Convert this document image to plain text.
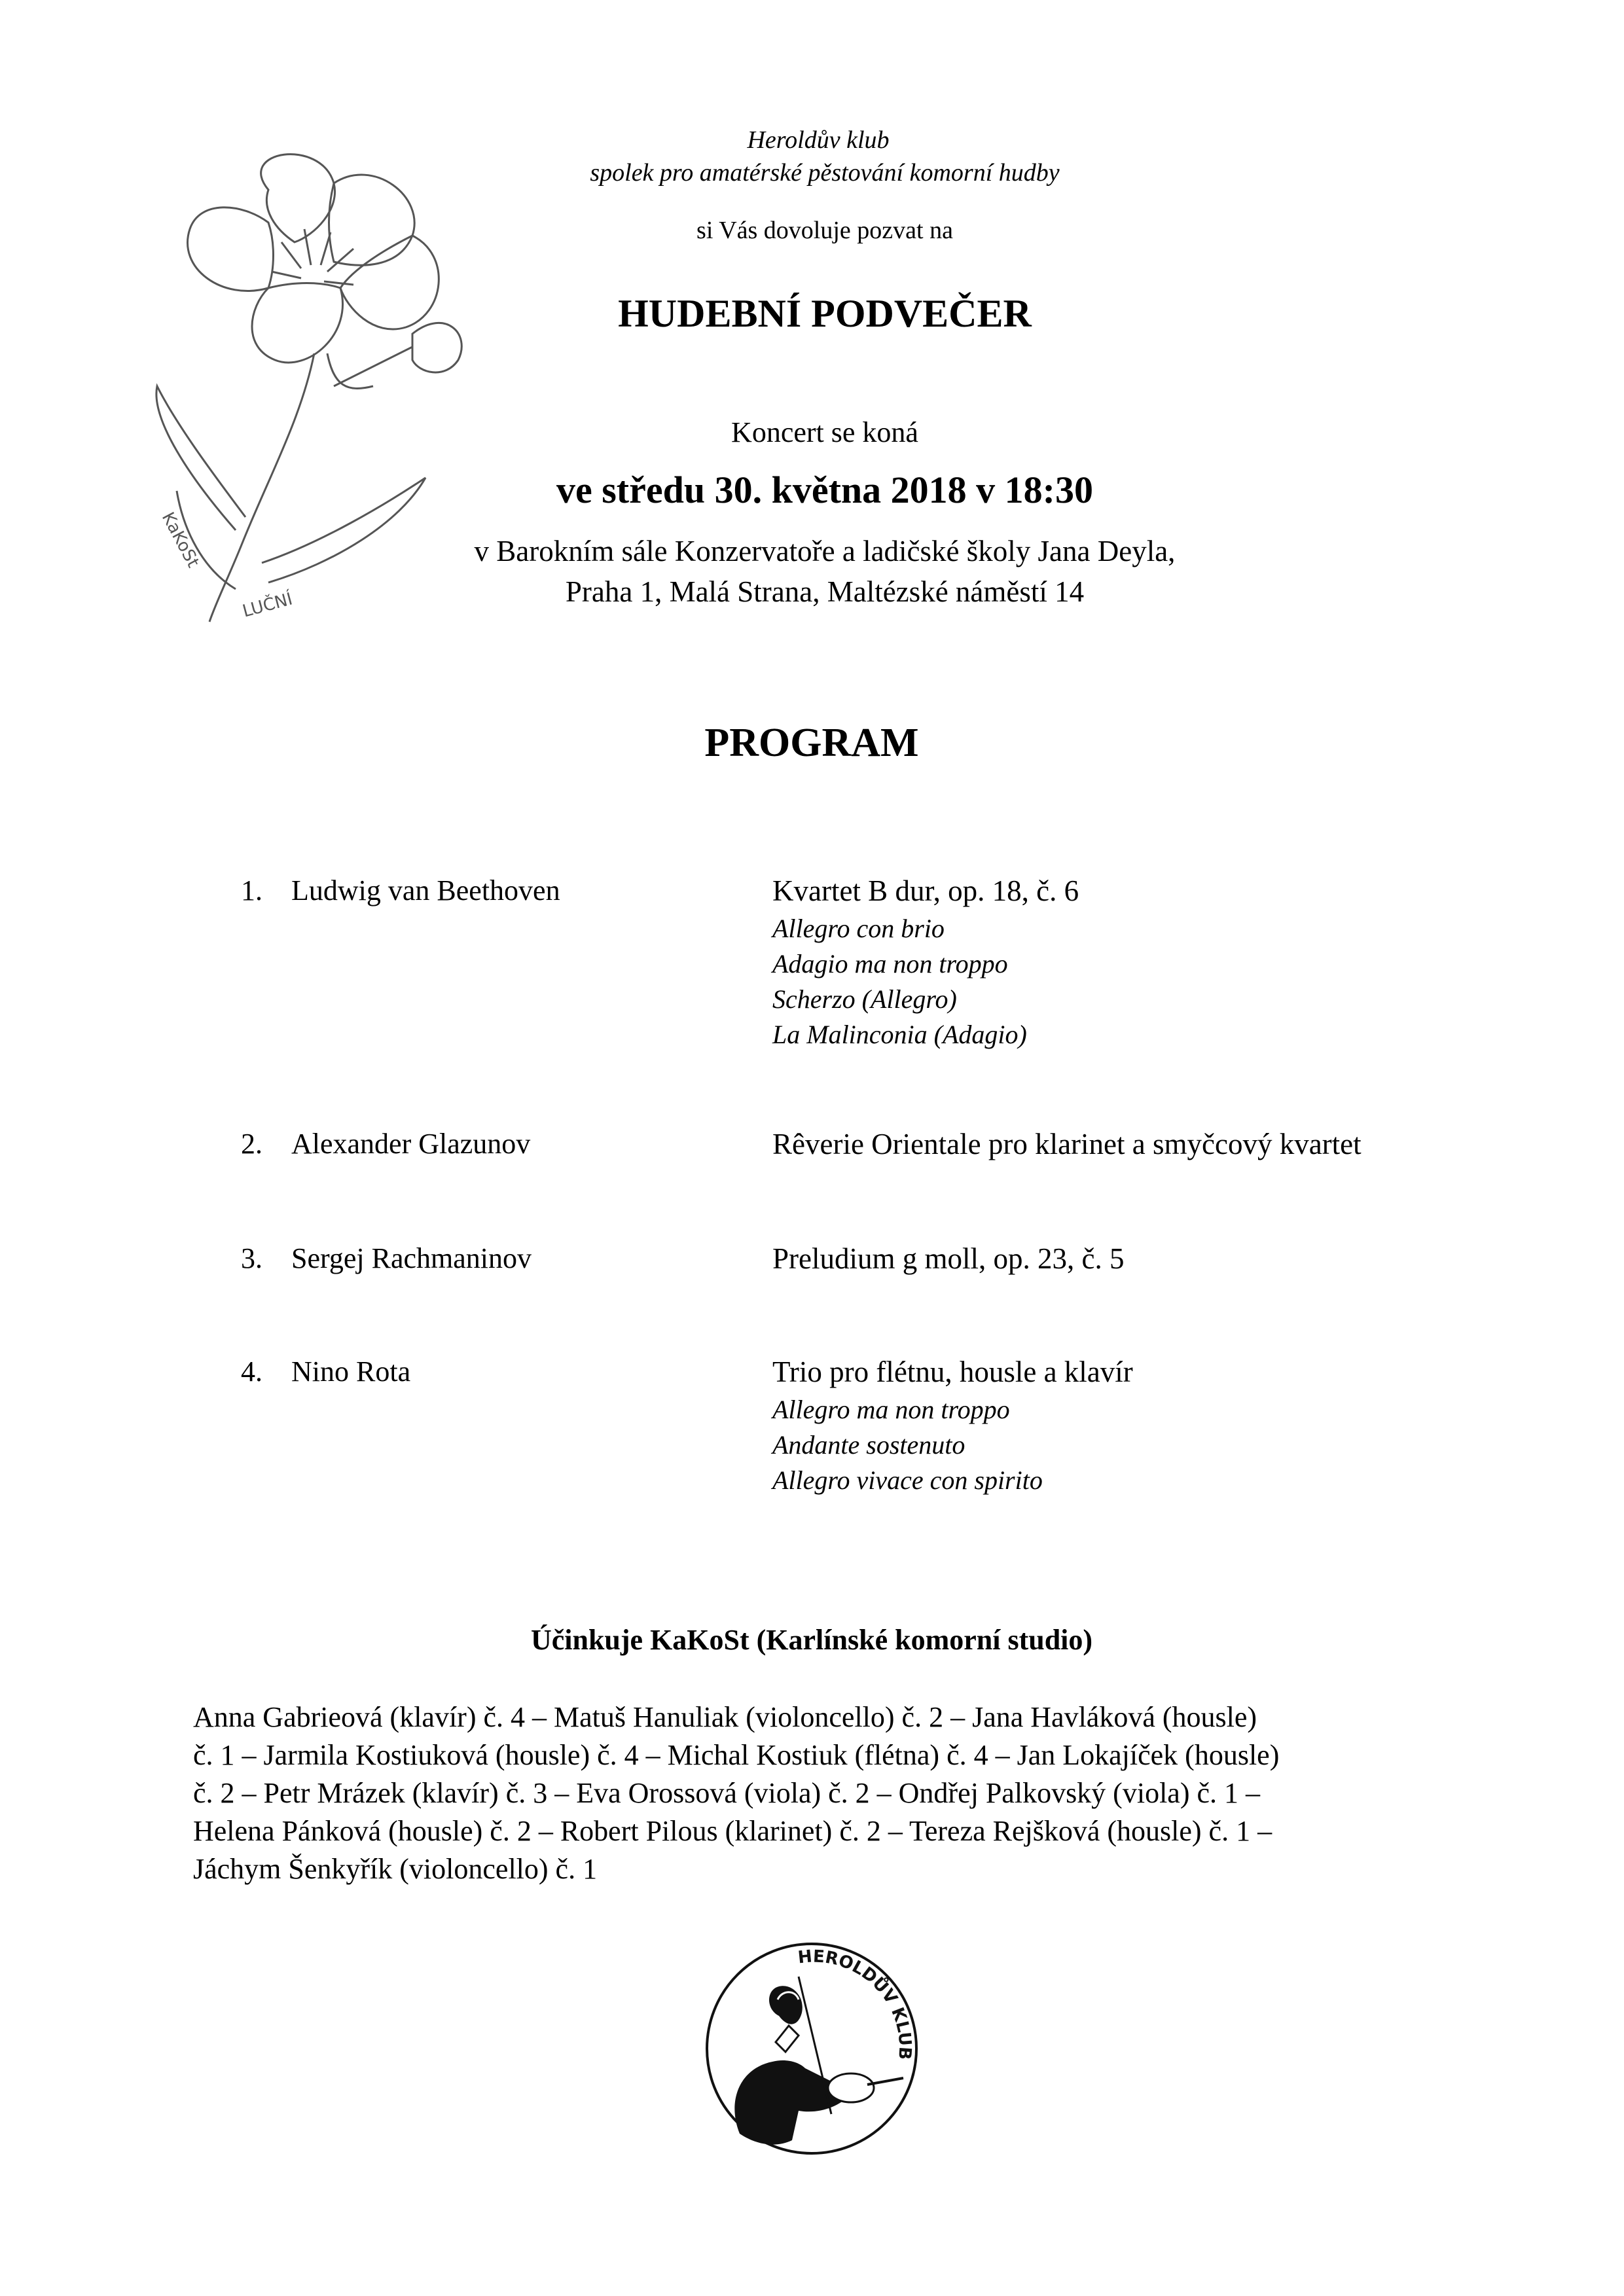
KaKoSt
LUČNÍ
Heroldův klub
spolek pro amatérské pěstování komorní hudby
si Vás dovoluje pozvat na
HUDEBNÍ PODVEČER
Koncert se koná
ve středu 30. května 2018 v 18:30
v Barokním sále Konzervatoře a ladičské školy Jana Deyla,
Praha 1, Malá Strana, Maltézské náměstí 14
PROGRAM
1. Ludwig van Beethoven	Kvartet B dur, op. 18, č. 6
Allegro con brio
Adagio ma non troppo
Scherzo (Allegro)
La Malinconia (Adagio)
2. Alexander Glazunov	Rêverie Orientale pro klarinet a smyčcový kvartet
3. Sergej Rachmaninov	Preludium g moll, op. 23, č. 5
4. Nino Rota	Trio pro flétnu, housle a klavír
Allegro ma non troppo
Andante sostenuto
Allegro vivace con spirito
Účinkuje KaKoSt (Karlínské komorní studio)
Anna Gabrieová (klavír) č. 4 – Matuš Hanuliak (violoncello) č. 2 – Jana Havláková (housle)
č. 1 – Jarmila Kostiuková (housle) č. 4 – Michal Kostiuk (flétna) č. 4 – Jan Lokajíček (housle)
č. 2 – Petr Mrázek (klavír) č. 3 – Eva Orossová (viola) č. 2 – Ondřej Palkovský (viola) č. 1 –
Helena Pánková (housle) č. 2 – Robert Pilous (klarinet) č. 2 – Tereza Rejšková (housle) č. 1 –
Jáchym Šenkyřík (violoncello) č. 1
HEROLDŮV KLUB
